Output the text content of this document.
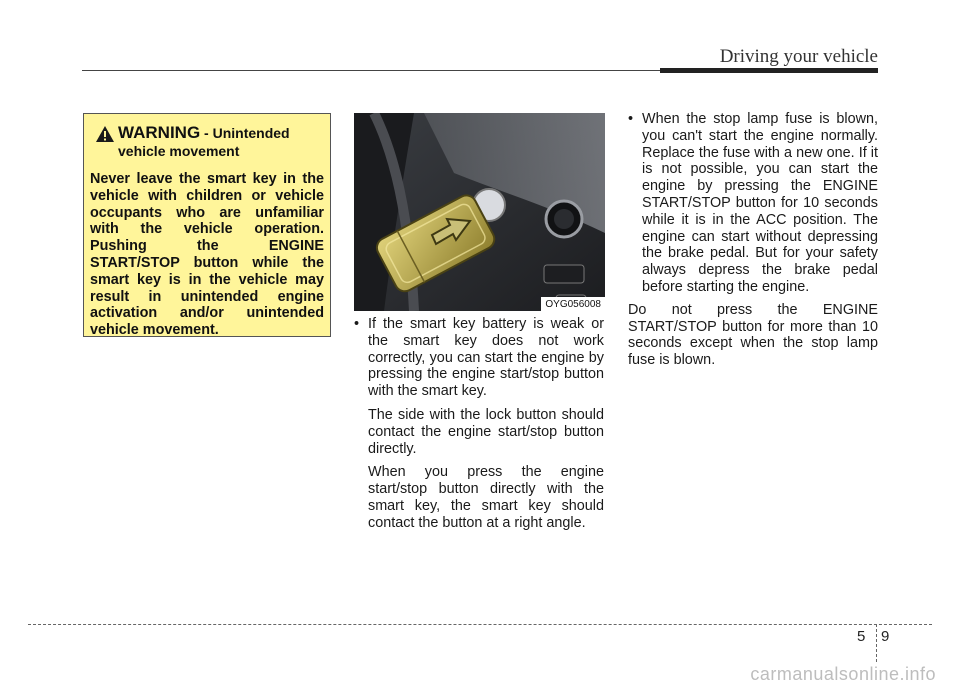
Driving your vehicle
WARNING - Unintended
vehicle movement
Never leave the smart key in the vehicle with children or vehicle occupants who are unfamiliar with the vehicle operation. Pushing the ENGINE START/STOP button while the smart key is in the vehicle may result in unintended engine activation and/or unintended vehicle movement.
OYG056008
• If the smart key battery is weak or the smart key does not work correctly, you can start the engine by pressing the engine start/stop button with the smart key.
The side with the lock button should contact the engine start/stop button directly.
When you press the engine start/stop button directly with the smart key, the smart key should contact the button at a right angle.
• When the stop lamp fuse is blown, you can't start the engine normally. Replace the fuse with a new one. If it is not possible, you can start the engine by pressing the ENGINE START/STOP button for 10 seconds while it is in the ACC position. The engine can start without depressing the brake pedal. But for your safety always depress the brake pedal before starting the engine.
Do not press the ENGINE START/STOP button for more than 10 seconds except when the stop lamp fuse is blown.
5 9
carmanualsonline.info
